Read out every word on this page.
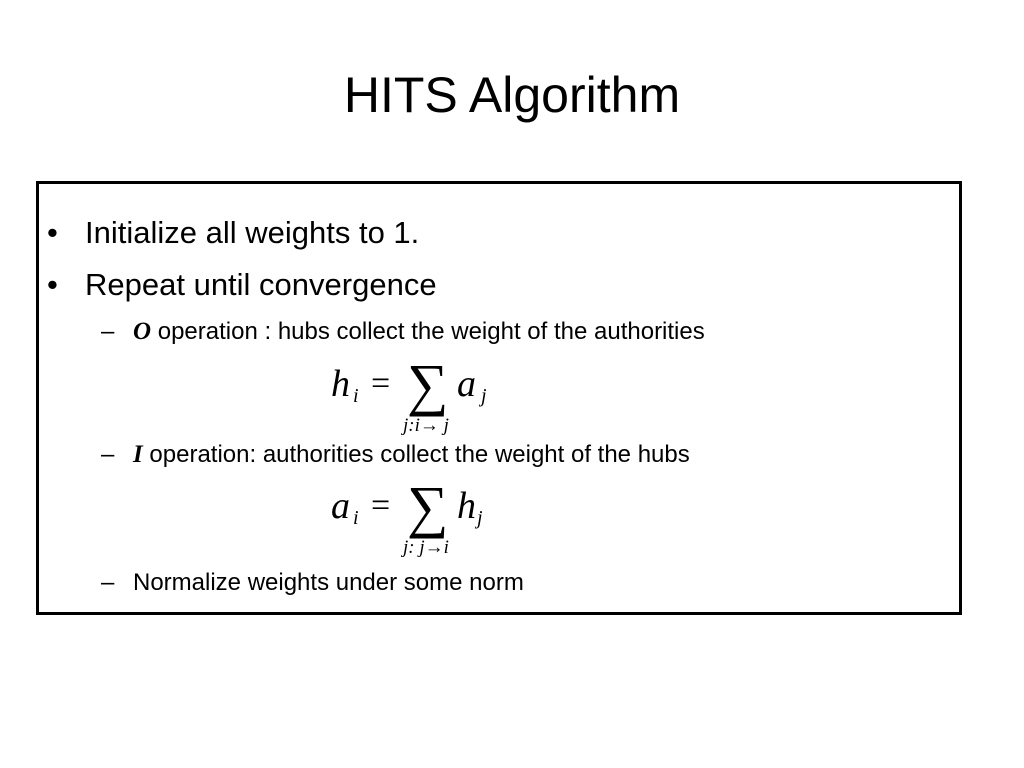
HITS Algorithm
• Initialize all weights to 1.
• Repeat until convergence
– O operation : hubs collect the weight of the authorities
h i = ∑
j:i→ j
a j
– I operation: authorities collect the weight of the hubs
a i = ∑
j: j→i
h j
– Normalize weights under some norm
